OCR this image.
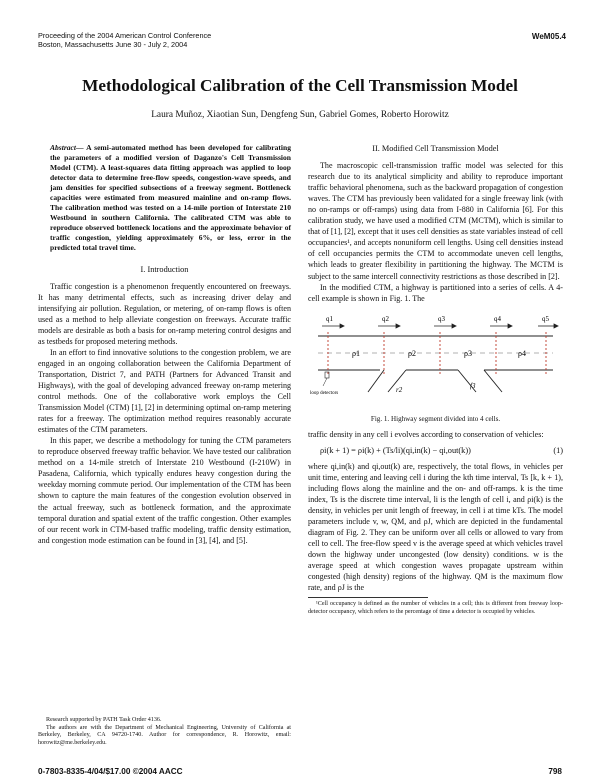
Proceeding of the 2004 American Control Conference
Boston, Massachusetts June 30 - July 2, 2004
WeM05.4
Methodological Calibration of the Cell Transmission Model
Laura Muñoz, Xiaotian Sun, Dengfeng Sun, Gabriel Gomes, Roberto Horowitz
Abstract— A semi-automated method has been developed for calibrating the parameters of a modified version of Daganzo's Cell Transmission Model (CTM). A least-squares data fitting approach was applied to loop detector data to determine free-flow speeds, congestion-wave speeds, and jam densities for specified subsections of a freeway segment. Bottleneck capacities were estimated from measured mainline and on-ramp flows. The calibration method was tested on a 14-mile portion of Interstate 210 Westbound in southern California. The calibrated CTM was able to reproduce observed bottleneck locations and the approximate behavior of traffic congestion, yielding approximately 6%, or less, error in the predicted total travel time.
I. Introduction

Traffic congestion is a phenomenon frequently encountered on freeways. It has many detrimental effects, such as increasing driver delay and intensifying air pollution. Regulation, or metering, of on-ramp flows is often used as a method to help alleviate congestion on freeways. Accurate traffic models are desirable as both a basis for on-ramp metering control designs and as testbeds for proposed metering methods.

In an effort to find innovative solutions to the congestion problem, we are engaged in an ongoing collaboration between the California Department of Transportation, District 7, and PATH (Partners for Advanced Transit and Highways), with the goal of developing advanced freeway on-ramp metering control methods. One of the collaborative work employs the Cell Transmission Model (CTM) [1], [2] in determining optimal on-ramp metering rates for a freeway. The optimization method requires reasonably accurate estimates of the CTM parameters.

In this paper, we describe a methodology for tuning the CTM parameters to reproduce observed freeway traffic behavior. We have tested our calibration method on a 14-mile stretch of Interstate 210 Westbound (I-210W) in Pasadena, California, which typically endures heavy congestion during the weekday morning commute period. Our implementation of the CTM has been shown to capture the main features of the congestion evolution observed in the actual freeway, such as bottleneck formation, and the approximate temporal duration and spatial extent of the traffic congestion. Other examples of our recent work in CTM-based traffic modeling, traffic density estimation, and congestion mode estimation can be found in [3], [4], and [5].

Research supported by PATH Task Order 4136.

The authors are with the Department of Mechanical Engineering, University of California at Berkeley, Berkeley, CA 94720-1740. Author for correspondence, R. Horowitz, email: horowitz@me.berkeley.edu.

II. Modified Cell Transmission Model

The macroscopic cell-transmission traffic model was selected for this research due to its analytical simplicity and ability to reproduce important traffic behavioral phenomena, such as the backward propagation of congestion waves. The CTM has previously been validated for a single freeway link (with no on-ramps or off-ramps) using data from I-880 in California [6]. For this calibration study, we have used a modified CTM (MCTM), which is similar to that of [1], [2], except that it uses cell densities as state variables instead of cell occupancies¹, and accepts nonuniform cell lengths. Using cell densities instead of cell occupancies permits the CTM to accommodate uneven cell lengths, which leads to greater flexibility in partitioning the highway. The MCTM is subject to the same intercell connectivity restrictions as those described in [2].

In the modified CTM, a highway is partitioned into a series of cells. A 4-cell example is shown in Fig. 1. The

q1	q2	q3	q4	q5
ρ1	ρ2	ρ3	ρ4
r2	f3
loop detectors
Fig. 1. Highway segment divided into 4 cells.

traffic density in any cell i evolves according to conservation of vehicles:

ρi(k + 1) = ρi(k) + (Ts/li)(qi,in(k) − qi,out(k))	(1)

where qi,in(k) and qi,out(k) are, respectively, the total flows, in vehicles per unit time, entering and leaving cell i during the kth time interval, Ts [k, k + 1), including flows along the mainline and the on- and off-ramps. k is the time index, Ts is the discrete time interval, li is the length of cell i, and ρi(k) is the density, in vehicles per unit length of freeway, in cell i at time kTs. The model parameters include v, w, QM, and ρJ, which are depicted in the fundamental diagram of Fig. 2. They can be uniform over all cells or allowed to vary from cell to cell. The free-flow speed v is the average speed at which vehicles travel down the highway under uncongested (low density) conditions. w is the average speed at which congestion waves propagate upstream within congested (high density) regions of the highway. QM is the maximum flow rate, and ρJ is the

¹Cell occupancy is defined as the number of vehicles in a cell; this is different from freeway loop-detector occupancy, which refers to the percentage of time a detector is occupied by vehicles.
0-7803-8335-4/04/$17.00 ©2004 AACC	798
